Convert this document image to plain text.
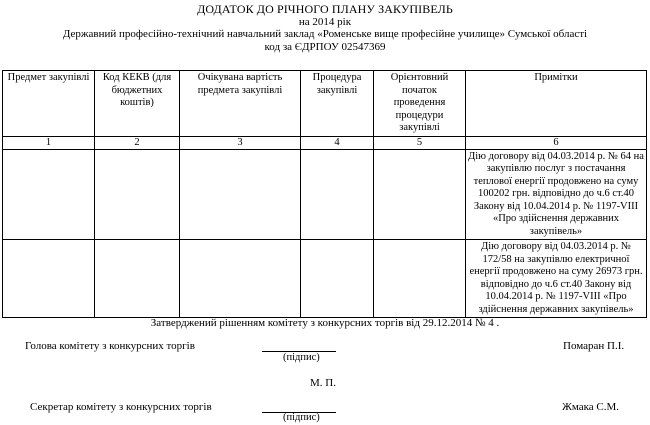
ДОДАТОК ДО РІЧНОГО ПЛАНУ ЗАКУПІВЕЛЬ
на 2014 рік
Державний професійно-технічний навчальний заклад «Роменське вище професійне училище» Сумської області
код за ЄДРПОУ 02547369
Предмет закупівлі	Код КЕКВ (для бюджетних коштів)	Очікувана вартість предмета закупівлі	Процедура закупівлі	Орієнтовний початок проведення процедури закупівлі	Примітки
1	2	3	4	5	6
					Дію договору від 04.03.2014 р. № 64 на закупівлю послуг з постачання теплової енергії продовжено на суму 100202 грн. відповідно до ч.6 ст.40 Закону від 10.04.2014 р. № 1197-VIII «Про здійснення державних закупівель»
					Дію договору від 04.03.2014 р. № 172/58 на закупівлю електричної енергії продовжено на суму 26973 грн. відповідно до ч.6 ст.40 Закону від 10.04.2014 р. № 1197-VIII «Про здійснення державних закупівель»
Затверджений рішенням комітету з конкурсних торгів від 29.12.2014 № 4 .
Голова комітету з конкурсних торгів
(підпис)
Помаран П.І.
М. П.
Секретар комітету з конкурсних торгів
(підпис)
Жмака С.М.
